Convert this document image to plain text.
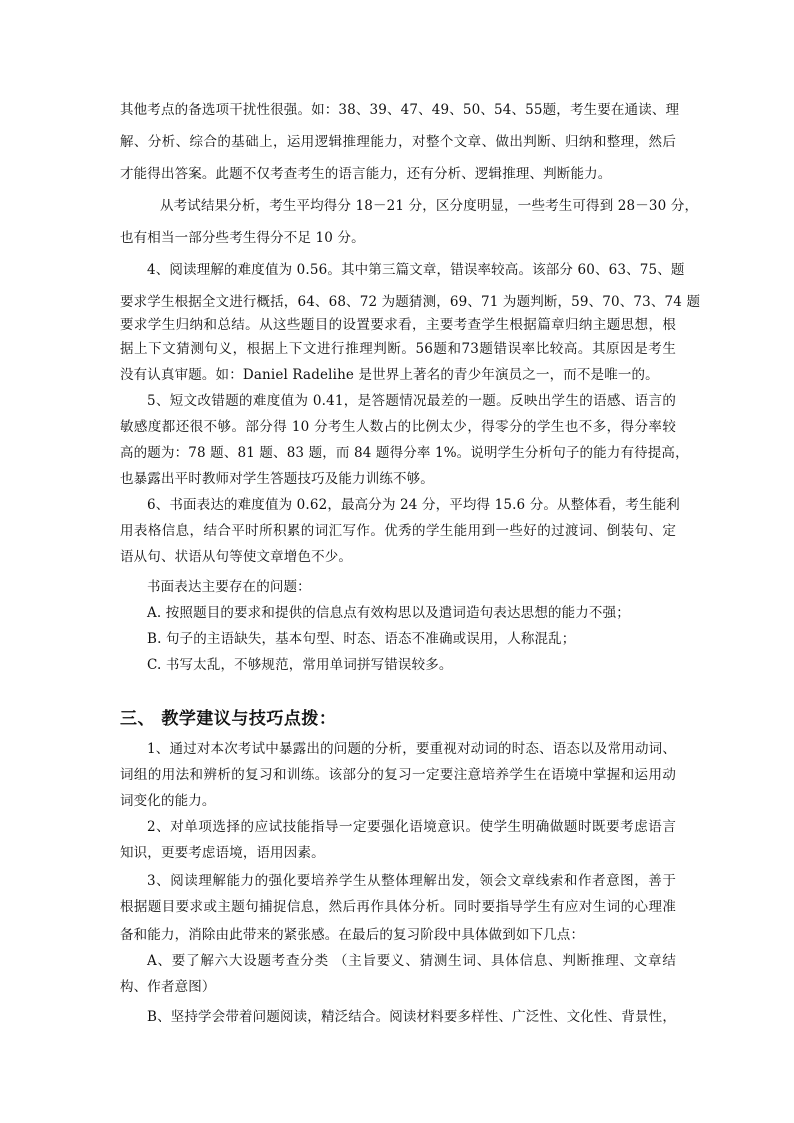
其他考点的备选项干扰性很强。如：38、39、47、49、50、54、55题，考生要在通读、理
解、分析、综合的基础上，运用逻辑推理能力，对整个文章、做出判断、归纳和整理，然后
才能得出答案。此题不仅考查考生的语言能力，还有分析、逻辑推理、判断能力。
从考试结果分析，考生平均得分 18－21 分，区分度明显，一些考生可得到 28－30 分，
也有相当一部分些考生得分不足 10 分。
4、阅读理解的难度值为 0.56。其中第三篇文章，错误率较高。该部分 60、63、75、题
要求学生根据全文进行概括，64、68、72 为题猜测，69、71 为题判断，59、70、73、74 题
要求学生归纳和总结。从这些题目的设置要求看，主要考查学生根据篇章归纳主题思想，根
据上下文猜测句义，根据上下文进行推理判断。56题和73题错误率比较高。其原因是考生
没有认真审题。如：Daniel Radelihe 是世界上著名的青少年演员之一，而不是唯一的。
5、短文改错题的难度值为 0.41，是答题情况最差的一题。反映出学生的语感、语言的
敏感度都还很不够。部分得 10 分考生人数占的比例太少，得零分的学生也不多，得分率较
高的题为：78 题、81 题、83 题，而 84 题得分率 1%。说明学生分析句子的能力有待提高，
也暴露出平时教师对学生答题技巧及能力训练不够。
6、书面表达的难度值为 0.62，最高分为 24 分，平均得 15.6 分。从整体看，考生能利
用表格信息，结合平时所积累的词汇写作。优秀的学生能用到一些好的过渡词、倒装句、定
语从句、状语从句等使文章增色不少。
书面表达主要存在的问题：
A. 按照题目的要求和提供的信息点有效构思以及遣词造句表达思想的能力不强；
B. 句子的主语缺失，基本句型、时态、语态不准确或误用，人称混乱；
C. 书写太乱，不够规范，常用单词拼写错误较多。
三、 教学建议与技巧点拨：
1、通过对本次考试中暴露出的问题的分析，要重视对动词的时态、语态以及常用动词、
词组的用法和辨析的复习和训练。该部分的复习一定要注意培养学生在语境中掌握和运用动
词变化的能力。
2、对单项选择的应试技能指导一定要强化语境意识。使学生明确做题时既要考虑语言
知识，更要考虑语境，语用因素。
3、阅读理解能力的强化要培养学生从整体理解出发，领会文章线索和作者意图，善于
根据题目要求或主题句捕捉信息，然后再作具体分析。同时要指导学生有应对生词的心理准
备和能力，消除由此带来的紧张感。在最后的复习阶段中具体做到如下几点：
A、要了解六大设题考查分类 （主旨要义、猜测生词、具体信息、判断推理、文章结
构、作者意图）
B、坚持学会带着问题阅读，精泛结合。阅读材料要多样性、广泛性、文化性、背景性，
